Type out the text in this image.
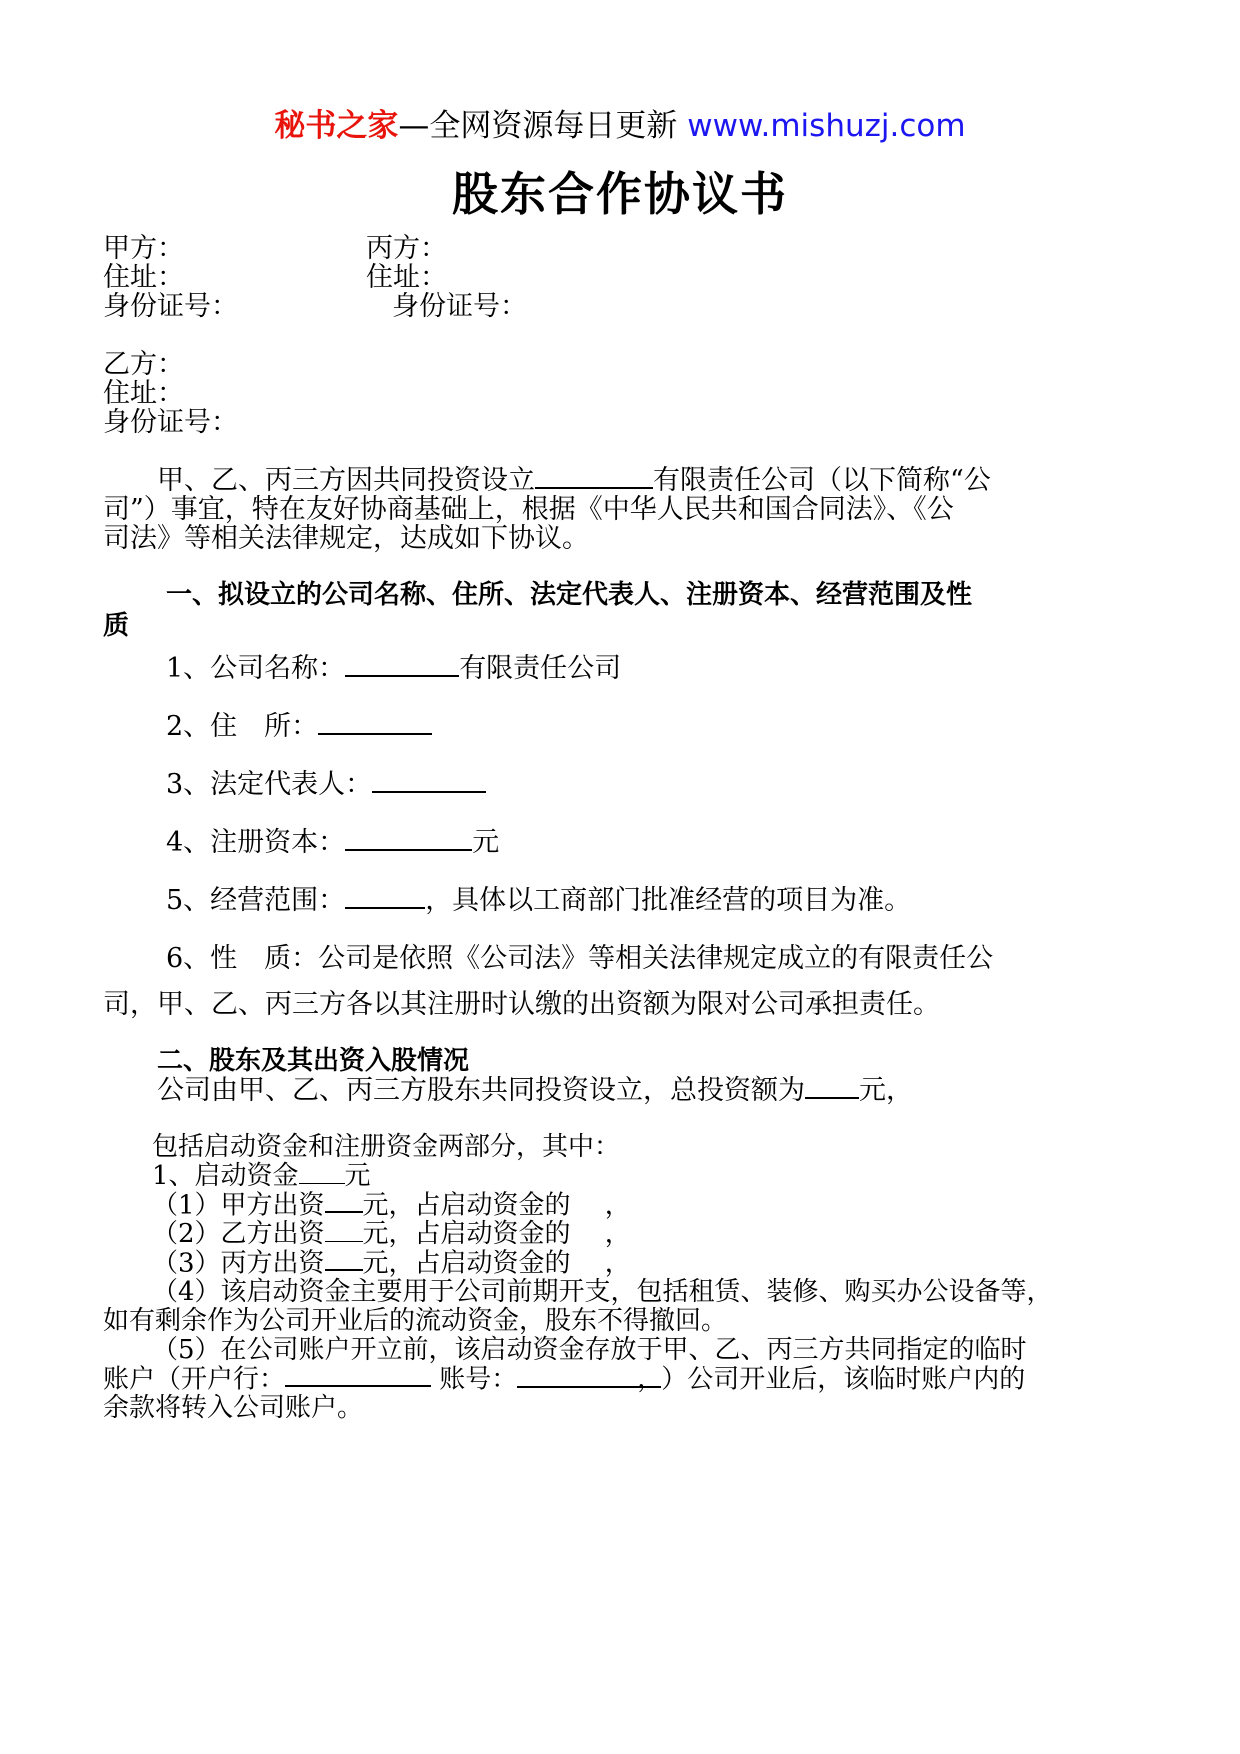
秘书之家—全网资源每日更新 www.mishuzj.com
股东合作协议书
甲方：	丙方：
住址：	住址：
身份证号：	身份证号：
乙方：
住址：
身份证号：
甲、乙、丙三方因共同投资设立	有限责任公司（以下简称“公
司”）事宜，特在友好协商基础上，根据《中华人民共和国合同法》、《公
司法》等相关法律规定，达成如下协议。
一、拟设立的公司名称、住所、法定代表人、注册资本、经营范围及性
质
1、公司名称：	有限责任公司
2、住　所：
3、法定代表人：
4、注册资本：	元
5、经营范围：	，具体以工商部门批准经营的项目为准。
6、性　质：公司是依照《公司法》等相关法律规定成立的有限责任公
司，甲、乙、丙三方各以其注册时认缴的出资额为限对公司承担责任。
二、股东及其出资入股情况
公司由甲、乙、丙三方股东共同投资设立，总投资额为 元，
包括启动资金和注册资金两部分，其中：
1、启动资金 元
（1）甲方出资 元，占启动资金的　 ，
（2）乙方出资 元，占启动资金的　 ，
（3）丙方出资 元，占启动资金的　 ，
（4）该启动资金主要用于公司前期开支，包括租赁、装修、购买办公设备等，
如有剩余作为公司开业后的流动资金，股东不得撤回。
（5）在公司账户开立前，该启动资金存放于甲、乙、丙三方共同指定的临时
账户（开户行：	账号：	，）公司开业后，该临时账户内的
余款将转入公司账户。
